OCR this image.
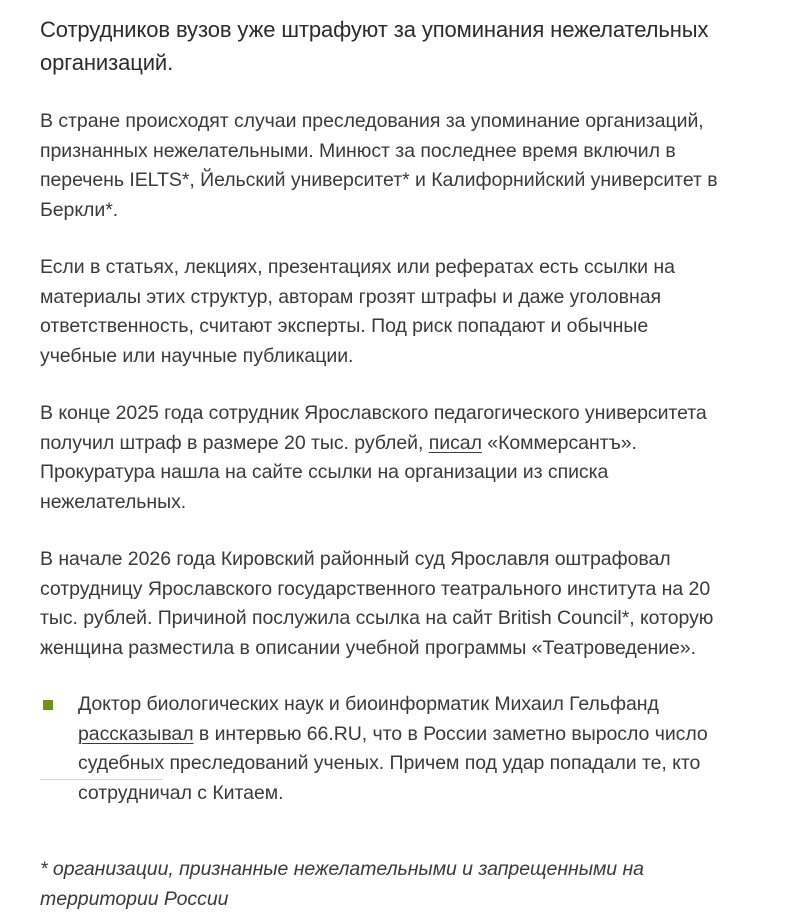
Сотрудников вузов уже штрафуют за упоминания нежелательных организаций.

В стране происходят случаи преследования за упоминание организаций, признанных нежелательными. Минюст за последнее время включил в перечень IELTS*, Йельский университет* и Калифорнийский университет в Беркли*.

Если в статьях, лекциях, презентациях или рефератах есть ссылки на материалы этих структур, авторам грозят штрафы и даже уголовная ответственность, считают эксперты. Под риск попадают и обычные учебные или научные публикации.

В конце 2025 года сотрудник Ярославского педагогического университета получил штраф в размере 20 тыс. рублей, писал «Коммерсантъ». Прокуратура нашла на сайте ссылки на организации из списка нежелательных.

В начале 2026 года Кировский районный суд Ярославля оштрафовал сотрудницу Ярославского государственного театрального института на 20 тыс. рублей. Причиной послужила ссылка на сайт British Council*, которую женщина разместила в описании учебной программы «Театроведение».

Доктор биологических наук и биоинформатик Михаил Гельфанд рассказывал в интервью 66.RU, что в России заметно выросло число судебных преследований ученых. Причем под удар попадали те, кто сотрудничал с Китаем.

* организации, признанные нежелательными и запрещенными на территории России
